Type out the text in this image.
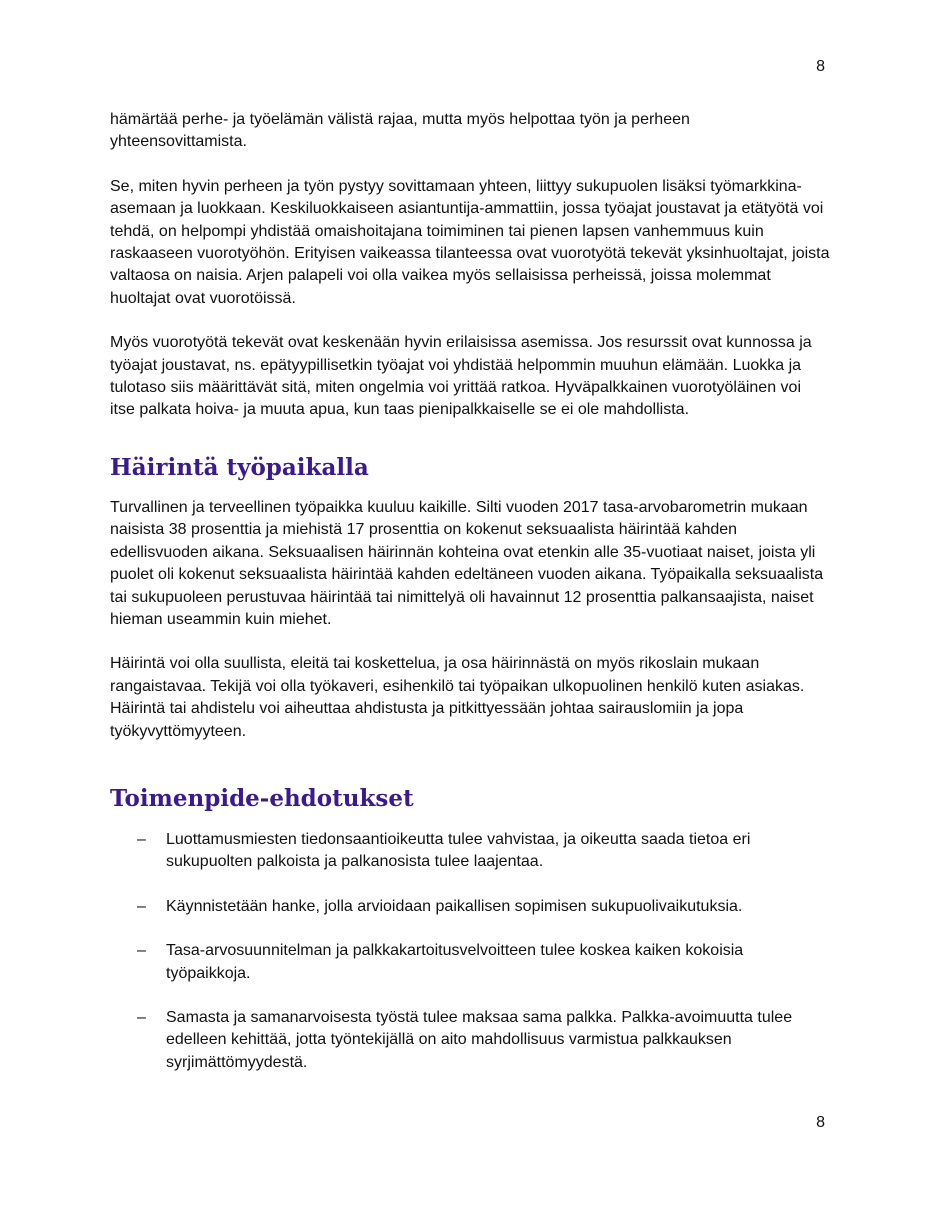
8

hämärtää perhe- ja työelämän välistä rajaa, mutta myös helpottaa työn ja perheen yhteensovittamista.

Se, miten hyvin perheen ja työn pystyy sovittamaan yhteen, liittyy sukupuolen lisäksi työmarkkina-asemaan ja luokkaan. Keskiluokkaiseen asiantuntija-ammattiin, jossa työajat joustavat ja etätyötä voi tehdä, on helpompi yhdistää omaishoitajana toimiminen tai pienen lapsen vanhemmuus kuin raskaaseen vuorotyöhön. Erityisen vaikeassa tilanteessa ovat vuorotyötä tekevät yksinhuoltajat, joista valtaosa on naisia. Arjen palapeli voi olla vaikea myös sellaisissa perheissä, joissa molemmat huoltajat ovat vuorotöissä.

Myös vuorotyötä tekevät ovat keskenään hyvin erilaisissa asemissa. Jos resurssit ovat kunnossa ja työajat joustavat, ns. epätyypillisetkin työajat voi yhdistää helpommin muuhun elämään. Luokka ja tulotaso siis määrittävät sitä, miten ongelmia voi yrittää ratkoa. Hyväpalkkainen vuorotyöläinen voi itse palkata hoiva- ja muuta apua, kun taas pienipalkkaiselle se ei ole mahdollista.

Häirintä työpaikalla

Turvallinen ja terveellinen työpaikka kuuluu kaikille. Silti vuoden 2017 tasa-arvobarometrin mukaan naisista 38 prosenttia ja miehistä 17 prosenttia on kokenut seksuaalista häirintää kahden edellisvuoden aikana. Seksuaalisen häirinnän kohteina ovat etenkin alle 35-vuotiaat naiset, joista yli puolet oli kokenut seksuaalista häirintää kahden edeltäneen vuoden aikana. Työpaikalla seksuaalista tai sukupuoleen perustuvaa häirintää tai nimittelyä oli havainnut 12 prosenttia palkansaajista, naiset hieman useammin kuin miehet.

Häirintä voi olla suullista, eleitä tai koskettelua, ja osa häirinnästä on myös rikoslain mukaan rangaistavaa. Tekijä voi olla työkaveri, esihenkilö tai työpaikan ulkopuolinen henkilö kuten asiakas. Häirintä tai ahdistelu voi aiheuttaa ahdistusta ja pitkittyessään johtaa sairauslomiin ja jopa työkyvyttömyyteen.

Toimenpide-ehdotukset
– Luottamusmiesten tiedonsaantioikeutta tulee vahvistaa, ja oikeutta saada tietoa eri sukupuolten palkoista ja palkanosista tulee laajentaa.
– Käynnistetään hanke, jolla arvioidaan paikallisen sopimisen sukupuolivaikutuksia.
– Tasa-arvosuunnitelman ja palkkakartoitusvelvoitteen tulee koskea kaiken kokoisia työpaikkoja.
– Samasta ja samanarvoisesta työstä tulee maksaa sama palkka. Palkka-avoimuutta tulee edelleen kehittää, jotta työntekijällä on aito mahdollisuus varmistua palkkauksen syrjimättömyydestä.
8
